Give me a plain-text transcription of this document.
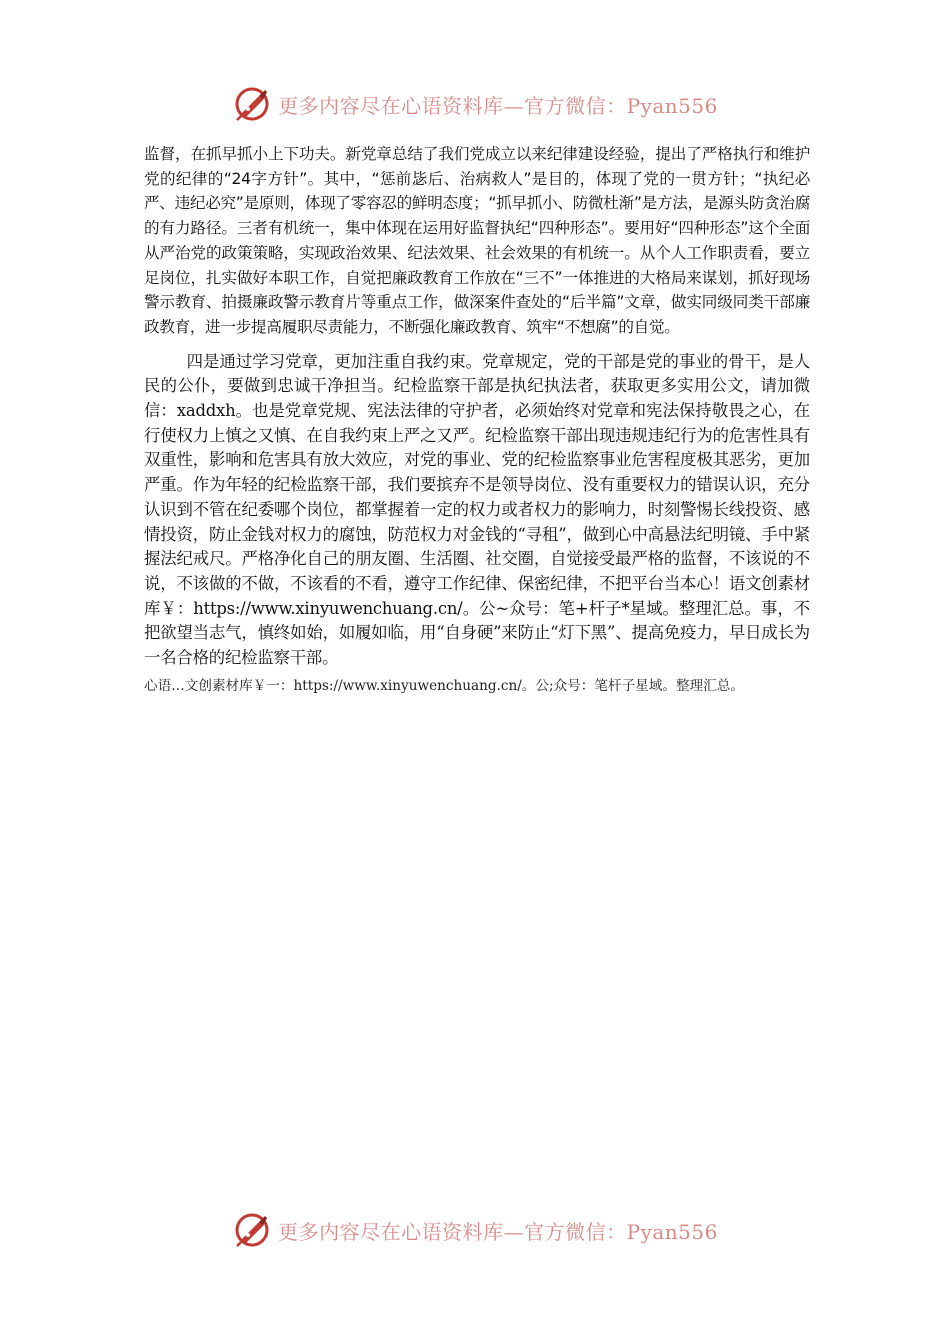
更多内容尽在心语资料库—官方微信：Pyan556

监督，在抓早抓小上下功夫。新党章总结了我们党成立以来纪律建设经验，提出了严格执行和维护党的纪律的“24字方针”。其中，“惩前毖后、治病救人”是目的，体现了党的一贯方针；“执纪必严、违纪必究”是原则，体现了零容忍的鲜明态度；“抓早抓小、防微杜渐”是方法，是源头防贪治腐的有力路径。三者有机统一，集中体现在运用好监督执纪“四种形态”。要用好“四种形态”这个全面从严治党的政策策略，实现政治效果、纪法效果、社会效果的有机统一。从个人工作职责看，要立足岗位，扎实做好本职工作，自觉把廉政教育工作放在“三不”一体推进的大格局来谋划，抓好现场警示教育、拍摄廉政警示教育片等重点工作，做深案件查处的“后半篇”文章，做实同级同类干部廉政教育，进一步提高履职尽责能力，不断强化廉政教育、筑牢“不想腐”的自觉。

四是通过学习党章，更加注重自我约束。党章规定，党的干部是党的事业的骨干，是人民的公仆，要做到忠诚干净担当。纪检监察干部是执纪执法者，获取更多实用公文，请加微信：xaddxh。也是党章党规、宪法法律的守护者，必须始终对党章和宪法保持敬畏之心，在行使权力上慎之又慎、在自我约束上严之又严。纪检监察干部出现违规违纪行为的危害性具有双重性，影响和危害具有放大效应，对党的事业、党的纪检监察事业危害程度极其恶劣，更加严重。作为年轻的纪检监察干部，我们要摈弃不是领导岗位、没有重要权力的错误认识，充分认识到不管在纪委哪个岗位，都掌握着一定的权力或者权力的影响力，时刻警惕长线投资、感情投资，防止金钱对权力的腐蚀，防范权力对金钱的“寻租”，做到心中高悬法纪明镜、手中紧握法纪戒尺。严格净化自己的朋友圈、生活圈、社交圈，自觉接受最严格的监督，不该说的不说，不该做的不做，不该看的不看，遵守工作纪律、保密纪律，不把平台当本心！语文创素材库￥：https://www.xinyuwenchuang.cn/。公~众号：笔+杆子*星域。整理汇总。事，不把欲望当志气，慎终如始，如履如临，用“自身硬”来防止“灯下黑”、提高免疫力，早日成长为一名合格的纪检监察干部。

心语…文创素材库￥一：https://www.xinyuwenchuang.cn/。公;众号：笔杆子星域。整理汇总。

更多内容尽在心语资料库—官方微信：Pyan556
